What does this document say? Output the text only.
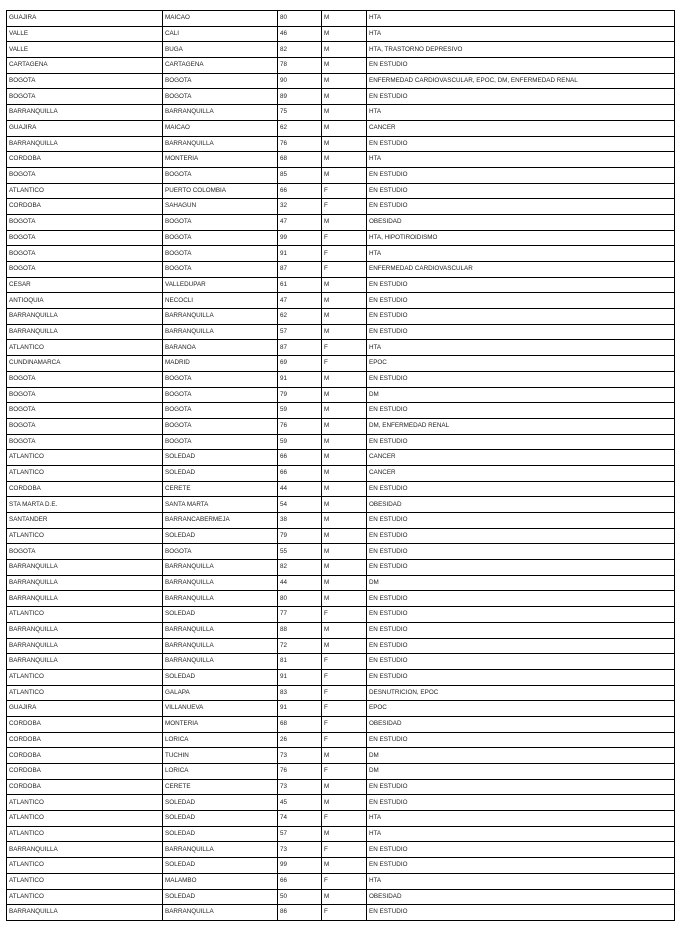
GUAJIRA	MAICAO	80	M	HTA
VALLE	CALI	46	M	HTA
VALLE	BUGA	82	M	HTA, TRASTORNO DEPRESIVO
CARTAGENA	CARTAGENA	78	M	EN ESTUDIO
BOGOTA	BOGOTA	90	M	ENFERMEDAD CARDIOVASCULAR, EPOC, DM, ENFERMEDAD RENAL
BOGOTA	BOGOTA	89	M	EN ESTUDIO
BARRANQUILLA	BARRANQUILLA	75	M	HTA
GUAJIRA	MAICAO	62	M	CANCER
BARRANQUILLA	BARRANQUILLA	76	M	EN ESTUDIO
CORDOBA	MONTERIA	68	M	HTA
BOGOTA	BOGOTA	85	M	EN ESTUDIO
ATLANTICO	PUERTO COLOMBIA	66	F	EN ESTUDIO
CORDOBA	SAHAGUN	32	F	EN ESTUDIO
BOGOTA	BOGOTA	47	M	OBESIDAD
BOGOTA	BOGOTA	99	F	HTA, HIPOTIROIDISMO
BOGOTA	BOGOTA	91	F	HTA
BOGOTA	BOGOTA	87	F	ENFERMEDAD CARDIOVASCULAR
CESAR	VALLEDUPAR	61	M	EN ESTUDIO
ANTIOQUIA	NECOCLI	47	M	EN ESTUDIO
BARRANQUILLA	BARRANQUILLA	62	M	EN ESTUDIO
BARRANQUILLA	BARRANQUILLA	57	M	EN ESTUDIO
ATLANTICO	BARANOA	87	F	HTA
CUNDINAMARCA	MADRID	69	F	EPOC
BOGOTA	BOGOTA	91	M	EN ESTUDIO
BOGOTA	BOGOTA	79	M	DM
BOGOTA	BOGOTA	59	M	EN ESTUDIO
BOGOTA	BOGOTA	76	M	DM, ENFERMEDAD RENAL
BOGOTA	BOGOTA	59	M	EN ESTUDIO
ATLANTICO	SOLEDAD	66	M	CANCER
ATLANTICO	SOLEDAD	66	M	CANCER
CORDOBA	CERETE	44	M	EN ESTUDIO
STA MARTA D.E.	SANTA MARTA	54	M	OBESIDAD
SANTANDER	BARRANCABERMEJA	38	M	EN ESTUDIO
ATLANTICO	SOLEDAD	79	M	EN ESTUDIO
BOGOTA	BOGOTA	55	M	EN ESTUDIO
BARRANQUILLA	BARRANQUILLA	82	M	EN ESTUDIO
BARRANQUILLA	BARRANQUILLA	44	M	DM
BARRANQUILLA	BARRANQUILLA	80	M	EN ESTUDIO
ATLANTICO	SOLEDAD	77	F	EN ESTUDIO
BARRANQUILLA	BARRANQUILLA	88	M	EN ESTUDIO
BARRANQUILLA	BARRANQUILLA	72	M	EN ESTUDIO
BARRANQUILLA	BARRANQUILLA	81	F	EN ESTUDIO
ATLANTICO	SOLEDAD	91	F	EN ESTUDIO
ATLANTICO	GALAPA	83	F	DESNUTRICION, EPOC
GUAJIRA	VILLANUEVA	91	F	EPOC
CORDOBA	MONTERIA	68	F	OBESIDAD
CORDOBA	LORICA	26	F	EN ESTUDIO
CORDOBA	TUCHIN	73	M	DM
CORDOBA	LORICA	76	F	DM
CORDOBA	CERETE	73	M	EN ESTUDIO
ATLANTICO	SOLEDAD	45	M	EN ESTUDIO
ATLANTICO	SOLEDAD	74	F	HTA
ATLANTICO	SOLEDAD	57	M	HTA
BARRANQUILLA	BARRANQUILLA	73	F	EN ESTUDIO
ATLANTICO	SOLEDAD	99	M	EN ESTUDIO
ATLANTICO	MALAMBO	66	F	HTA
ATLANTICO	SOLEDAD	50	M	OBESIDAD
BARRANQUILLA	BARRANQUILLA	86	F	EN ESTUDIO
